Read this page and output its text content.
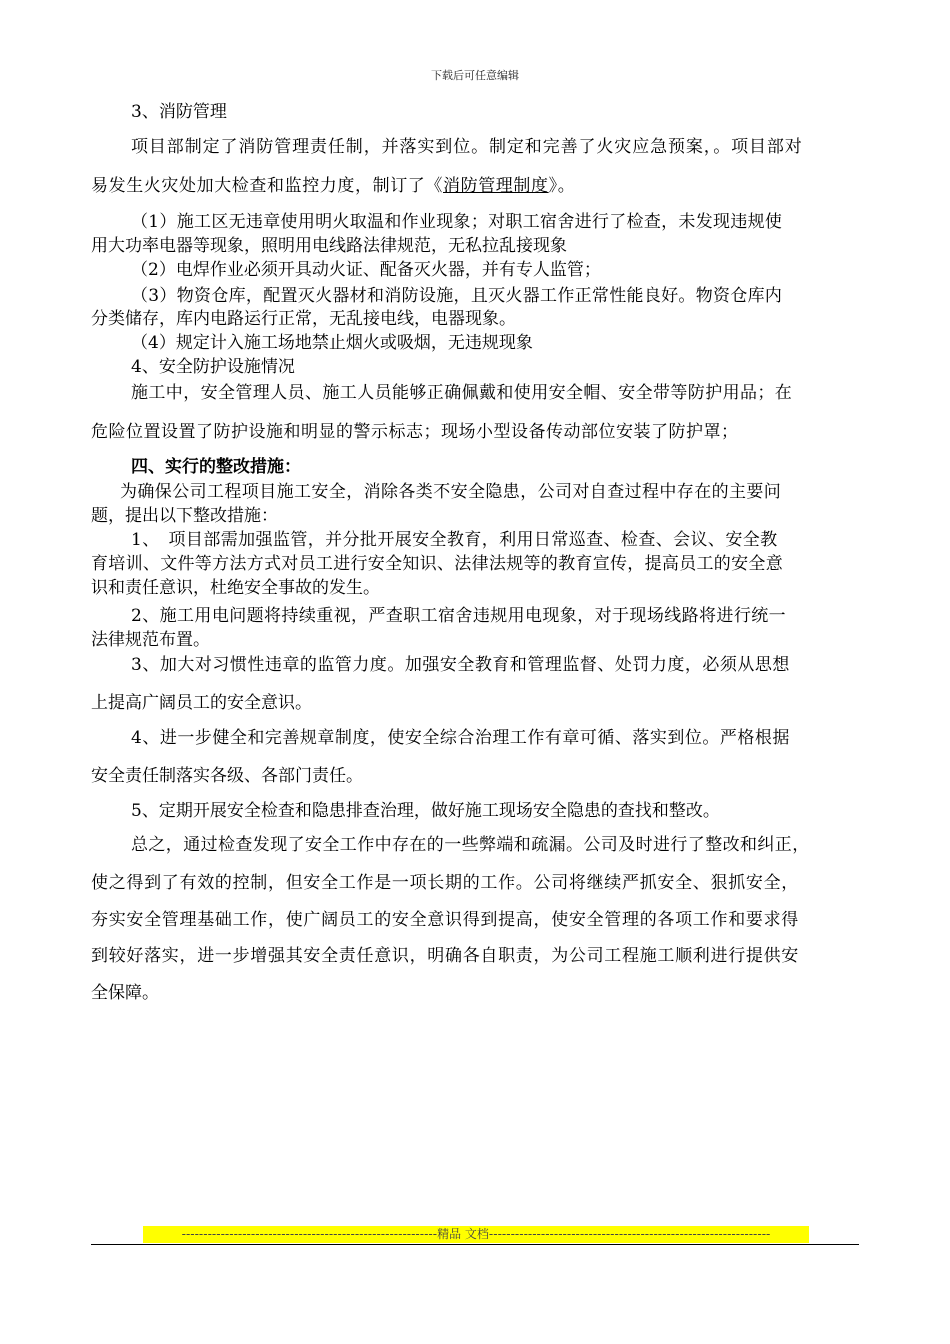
下载后可任意编辑
3、消防管理
项目部制定了消防管理责任制，并落实到位。制定和完善了火灾应急预案，。项目部对
易发生火灾处加大检查和监控力度，制订了《消防管理制度》。
（1）施工区无违章使用明火取温和作业现象；对职工宿舍进行了检查，未发现违规使
用大功率电器等现象，照明用电线路法律规范，无私拉乱接现象
（2）电焊作业必须开具动火证、配备灭火器，并有专人监管；
（3）物资仓库，配置灭火器材和消防设施，且灭火器工作正常性能良好。物资仓库内
分类储存，库内电路运行正常，无乱接电线，电器现象。
（4）规定计入施工场地禁止烟火或吸烟，无违规现象
4、安全防护设施情况
施工中，安全管理人员、施工人员能够正确佩戴和使用安全帽、安全带等防护用品；在
危险位置设置了防护设施和明显的警示标志；现场小型设备传动部位安装了防护罩；
四、实行的整改措施：
为确保公司工程项目施工安全，消除各类不安全隐患，公司对自查过程中存在的主要问
题，提出以下整改措施：
1、　项目部需加强监管，并分批开展安全教育，利用日常巡查、检查、会议、安全教
育培训、文件等方法方式对员工进行安全知识、法律法规等的教育宣传，提高员工的安全意
识和责任意识，杜绝安全事故的发生。
2、施工用电问题将持续重视，严查职工宿舍违规用电现象，对于现场线路将进行统一
法律规范布置。
3、加大对习惯性违章的监管力度。加强安全教育和管理监督、处罚力度，必须从思想
上提高广阔员工的安全意识。
4、进一步健全和完善规章制度，使安全综合治理工作有章可循、落实到位。严格根据
安全责任制落实各级、各部门责任。
5、定期开展安全检查和隐患排查治理，做好施工现场安全隐患的查找和整改。
总之，通过检查发现了安全工作中存在的一些弊端和疏漏。公司及时进行了整改和纠正，
使之得到了有效的控制，但安全工作是一项长期的工作。公司将继续严抓安全、狠抓安全，
夯实安全管理基础工作，使广阔员工的安全意识得到提高，使安全管理的各项工作和要求得
到较好落实，进一步增强其安全责任意识，明确各自职责，为公司工程施工顺利进行提供安
全保障。
-----------------------------------------------------------精品 文档-----------------------------------------------------------------
